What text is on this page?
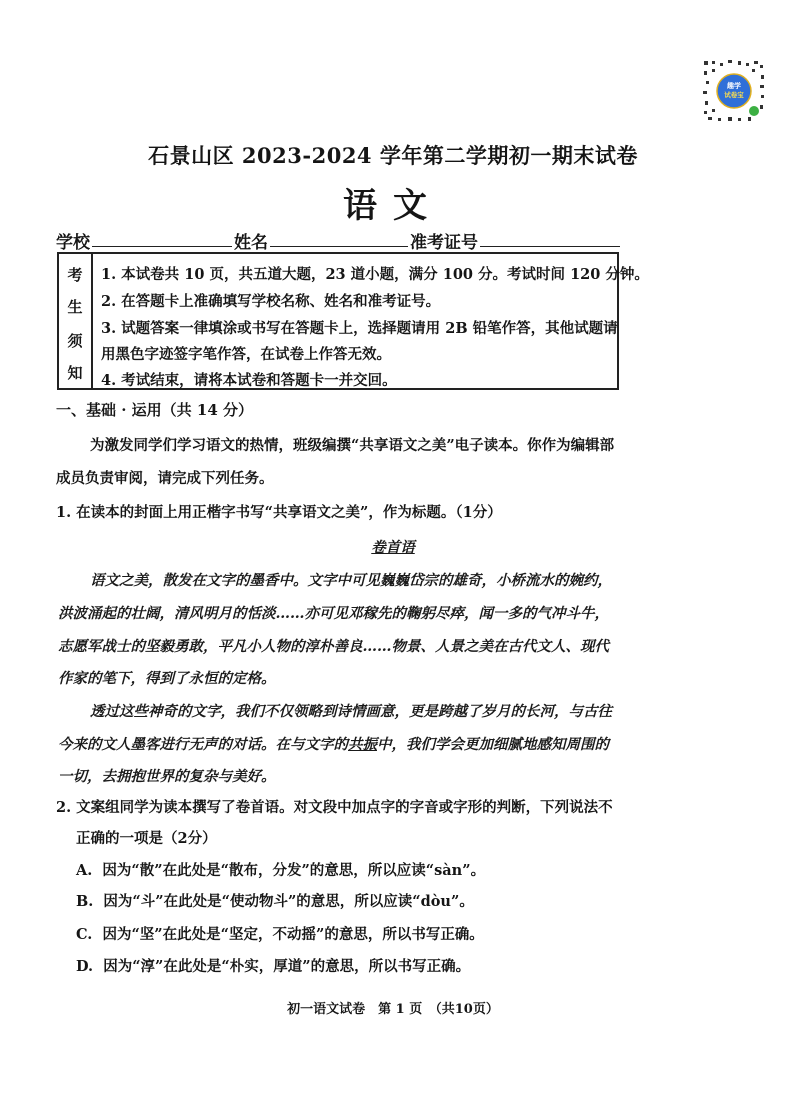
趣学
试卷宝
石景山区 2023-2024 学年第二学期初一期末试卷
语文
学校	姓名	准考证号
考
生
须
知
1. 本试卷共 10 页，共五道大题，23 道小题，满分 100 分。考试时间 120 分钟。
2. 在答题卡上准确填写学校名称、姓名和准考证号。
3. 试题答案一律填涂或书写在答题卡上，选择题请用 2B 铅笔作答，其他试题请
用黑色字迹签字笔作答，在试卷上作答无效。
4. 考试结束，请将本试卷和答题卡一并交回。
一、基础 · 运用（共 14 分）
为激发同学们学习语文的热情，班级编撰“共享语文之美”电子读本。你作为编辑部
成员负责审阅，请完成下列任务。
1. 在读本的封面上用正楷字书写“共享语文之美”，作为标题。（1分）
卷首语
语文之美，散发在文字的墨香中。文字中可见巍巍岱宗的雄奇，小桥流水的婉约，
洪波涌起的壮阔，清风明月的恬淡……亦可见邓稼先的鞠躬尽瘁，闻一多的气冲斗牛，
志愿军战士的坚毅勇敢，平凡小人物的淳朴善良……物景、人景之美在古代文人、现代
作家的笔下，得到了永恒的定格。
透过这些神奇的文字，我们不仅领略到诗情画意，更是跨越了岁月的长河，与古往
今来的文人墨客进行无声的对话。在与文字的共振中，我们学会更加细腻地感知周围的
一切，去拥抱世界的复杂与美好。
2. 文案组同学为读本撰写了卷首语。对文段中加点字的字音或字形的判断，下列说法不
正确的一项是（2分）
A. 因为“散”在此处是“散布，分发”的意思，所以应读“sàn”。
B. 因为“斗”在此处是“使动物斗”的意思，所以应读“dòu”。
C. 因为“坚”在此处是“坚定，不动摇”的意思，所以书写正确。
D. 因为“淳”在此处是“朴实，厚道”的意思，所以书写正确。
初一语文试卷　第 1 页　（共10页）
